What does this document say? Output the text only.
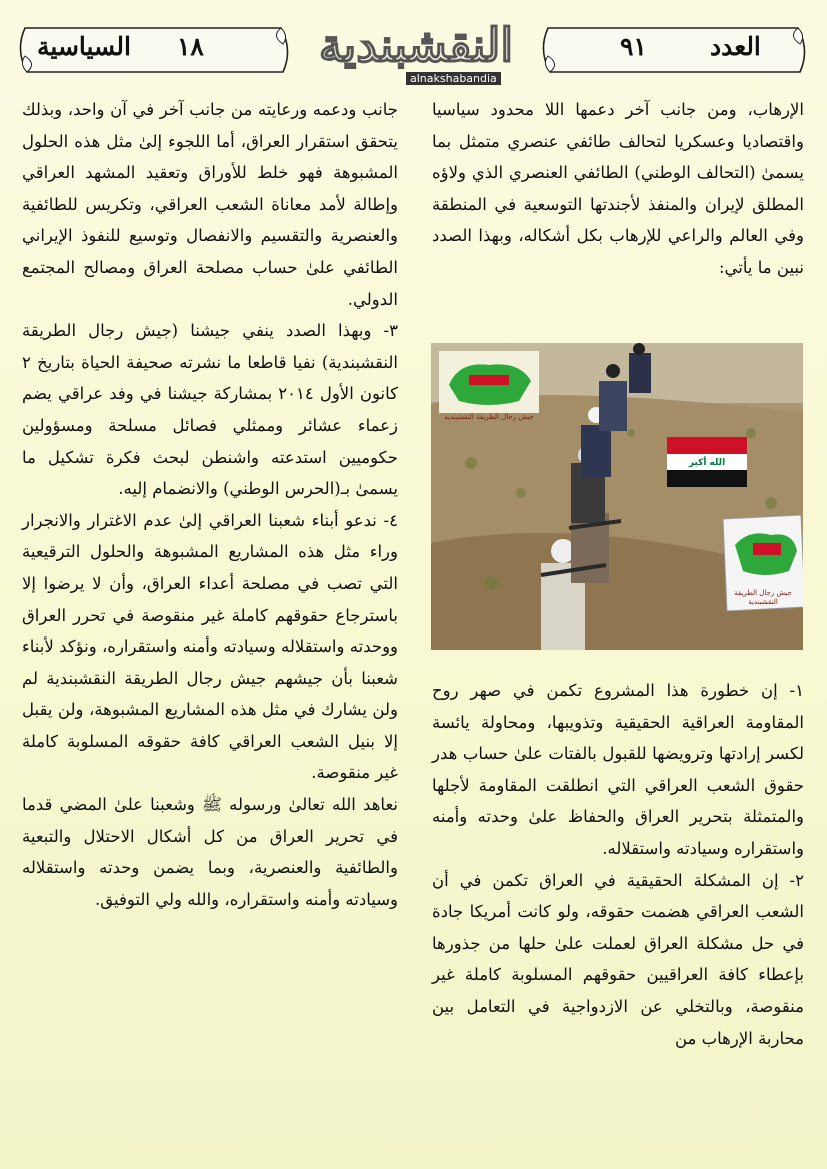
١٨
السياسية	النقشبندية
alnakshabandia
٩١	العدد

الإرهاب، ومن جانب آخر دعمها اللا محدود سياسيا واقتصاديا وعسكريا لتحالف طائفي عنصري متمثل بما يسمىٰ (التحالف الوطني) الطائفي العنصري الذي ولاؤه المطلق لإيران والمنفذ لأجندتها التوسعية في المنطقة وفي العالم والراعي للإرهاب بكل أشكاله، وبهذا الصدد نبين ما يأتي:

جيش رجال الطريقة النقشبندية
الله أكبر
جيش رجال الطريقة النقشبندية

١- إن خطورة هذا المشروع تكمن في صهر روح المقاومة العراقية الحقيقية وتذويبها، ومحاولة يائسة لكسر إرادتها وترويضها للقبول بالفتات علىٰ حساب هدر حقوق الشعب العراقي التي انطلقت المقاومة لأجلها والمتمثلة بتحرير العراق والحفاظ علىٰ وحدته وأمنه واستقراره وسيادته واستقلاله.

٢- إن المشكلة الحقيقية في العراق تكمن في أن الشعب العراقي هضمت حقوقه، ولو كانت أمريكا جادة في حل مشكلة العراق لعملت علىٰ حلها من جذورها بإعطاء كافة العراقيين حقوقهم المسلوبة كاملة غير منقوصة، وبالتخلي عن الازدواجية في التعامل بين محاربة الإرهاب من

جانب ودعمه ورعايته من جانب آخر في آن واحد، وبذلك يتحقق استقرار العراق، أما اللجوء إلىٰ مثل هذه الحلول المشبوهة فهو خلط للأوراق وتعقيد المشهد العراقي وإطالة لأمد معاناة الشعب العراقي، وتكريس للطائفية والعنصرية والتقسيم والانفصال وتوسيع للنفوذ الإيراني الطائفي علىٰ حساب مصلحة العراق ومصالح المجتمع الدولي.

٣- وبهذا الصدد ينفي جيشنا (جيش رجال الطريقة النقشبندية) نفيا قاطعا ما نشرته صحيفة الحياة بتاريخ ٢ كانون الأول ٢٠١٤ بمشاركة جيشنا في وفد عراقي يضم زعماء عشائر وممثلي فصائل مسلحة ومسؤولين حكوميين استدعته واشنطن لبحث فكرة تشكيل ما يسمىٰ بـ(الحرس الوطني) والانضمام إليه.

٤- ندعو أبناء شعبنا العراقي إلىٰ عدم الاغترار والانجرار وراء مثل هذه المشاريع المشبوهة والحلول الترقيعية التي تصب في مصلحة أعداء العراق، وأن لا يرضوا إلا باسترجاع حقوقهم كاملة غير منقوصة في تحرر العراق ووحدته واستقلاله وسيادته وأمنه واستقراره، ونؤكد لأبناء شعبنا بأن جيشهم جيش رجال الطريقة النقشبندية لم ولن يشارك في مثل هذه المشاريع المشبوهة، ولن يقبل إلا بنيل الشعب العراقي كافة حقوقه المسلوبة كاملة غير منقوصة.

نعاهد الله تعالىٰ ورسوله ﷺ وشعبنا علىٰ المضي قدما في تحرير العراق من كل أشكال الاحتلال والتبعية والطائفية والعنصرية، وبما يضمن وحدته واستقلاله وسيادته وأمنه واستقراره، والله ولي التوفيق.
